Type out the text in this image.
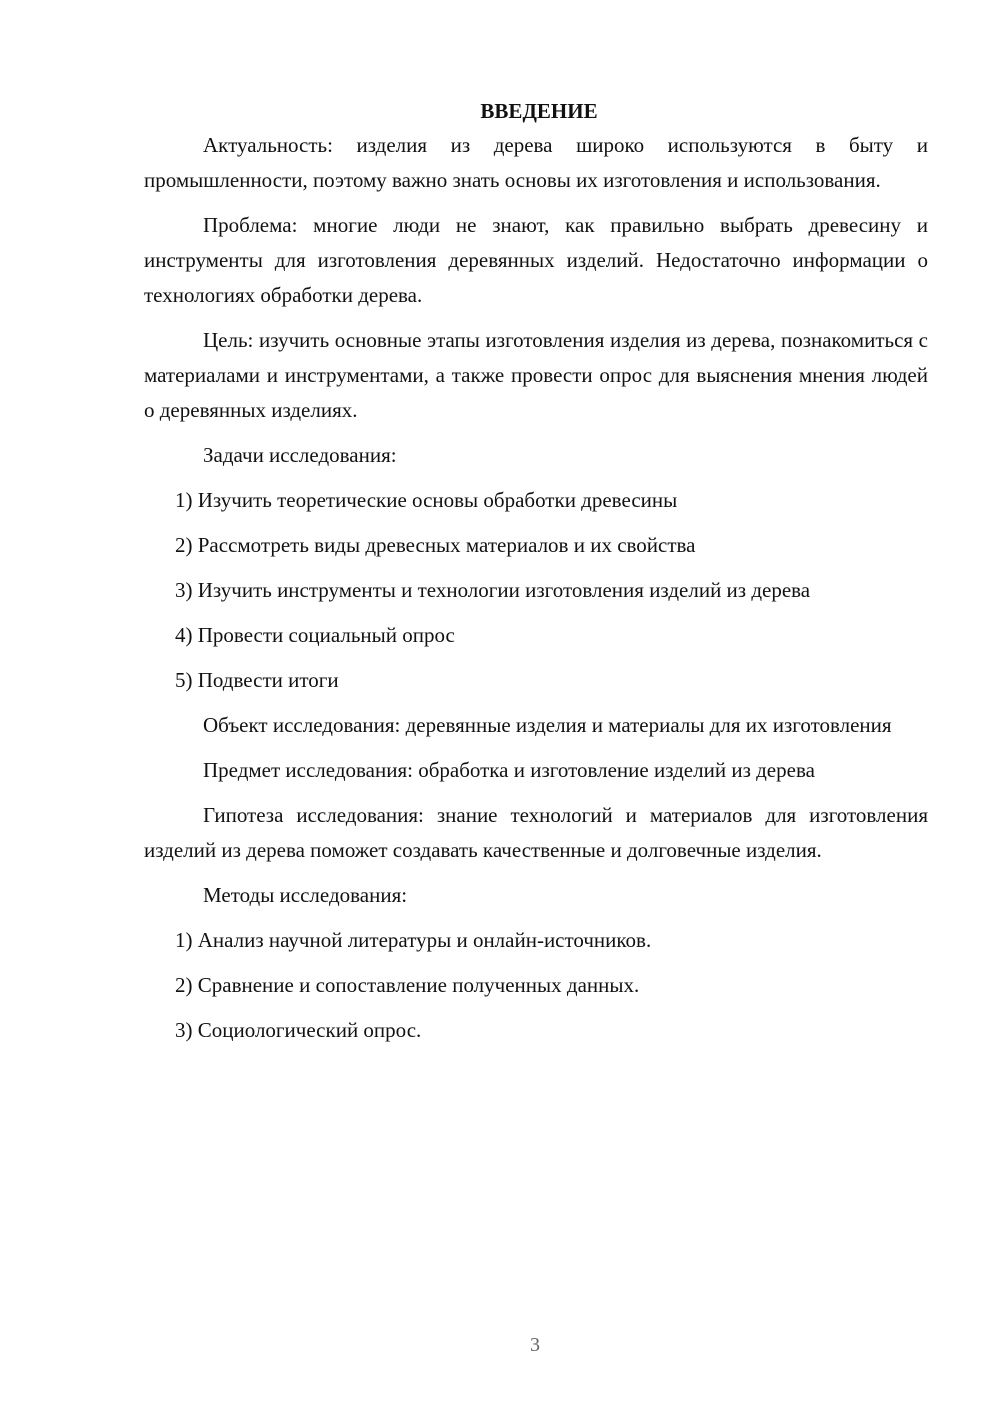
ВВЕДЕНИЕ

Актуальность: изделия из дерева широко используются в быту и промышленности, поэтому важно знать основы их изготовления и использования.

Проблема: многие люди не знают, как правильно выбрать древесину и инструменты для изготовления деревянных изделий. Недостаточно информации о технологиях обработки дерева.

Цель: изучить основные этапы изготовления изделия из дерева, познакомиться с материалами и инструментами, а также провести опрос для выяснения мнения людей о деревянных изделиях.

Задачи исследования:

1) Изучить теоретические основы обработки древесины

2) Рассмотреть виды древесных материалов и их свойства

3) Изучить инструменты и технологии изготовления изделий из дерева

4) Провести социальный опрос

5) Подвести итоги

Объект исследования: деревянные изделия и материалы для их изготовления

Предмет исследования: обработка и изготовление изделий из дерева

Гипотеза исследования: знание технологий и материалов для изготовления изделий из дерева поможет создавать качественные и долговечные изделия.

Методы исследования:

1) Анализ научной литературы и онлайн-источников.

2) Сравнение и сопоставление полученных данных.

3) Социологический опрос.

3
